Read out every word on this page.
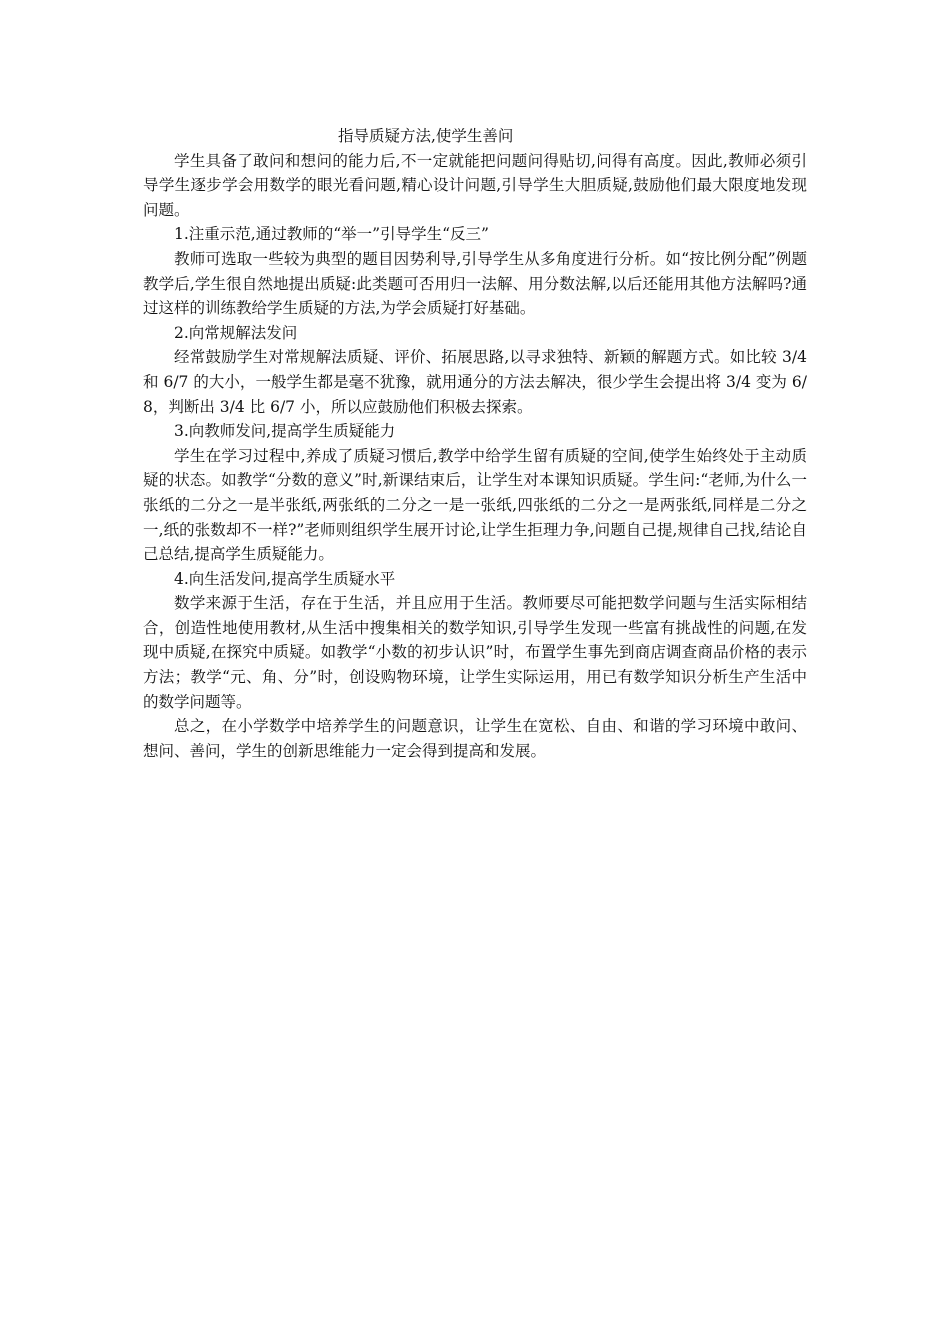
指导质疑方法,使学生善问

学生具备了敢问和想问的能力后,不一定就能把问题问得贴切,问得有高度。因此,教师必须引导学生逐步学会用数学的眼光看问题,精心设计问题,引导学生大胆质疑,鼓励他们最大限度地发现问题。

1.注重示范,通过教师的“举一”引导学生“反三”

教师可选取一些较为典型的题目因势利导,引导学生从多角度进行分析。如“按比例分配”例题教学后,学生很自然地提出质疑:此类题可否用归一法解、用分数法解,以后还能用其他方法解吗?通过这样的训练教给学生质疑的方法,为学会质疑打好基础。

2.向常规解法发问

经常鼓励学生对常规解法质疑、评价、拓展思路,以寻求独特、新颖的解题方式。如比较 3/4 和 6/7 的大小，一般学生都是毫不犹豫，就用通分的方法去解决，很少学生会提出将 3/4 变为 6/8，判断出 3/4 比 6/7 小，所以应鼓励他们积极去探索。

3.向教师发问,提高学生质疑能力

学生在学习过程中,养成了质疑习惯后,教学中给学生留有质疑的空间,使学生始终处于主动质疑的状态。如教学“分数的意义”时,新课结束后，让学生对本课知识质疑。学生问:“老师,为什么一张纸的二分之一是半张纸,两张纸的二分之一是一张纸,四张纸的二分之一是两张纸,同样是二分之一,纸的张数却不一样?”老师则组织学生展开讨论,让学生拒理力争,问题自己提,规律自己找,结论自己总结,提高学生质疑能力。

4.向生活发问,提高学生质疑水平

数学来源于生活，存在于生活，并且应用于生活。教师要尽可能把数学问题与生活实际相结合，创造性地使用教材,从生活中搜集相关的数学知识,引导学生发现一些富有挑战性的问题,在发现中质疑,在探究中质疑。如教学“小数的初步认识”时，布置学生事先到商店调查商品价格的表示方法；教学“元、角、分”时，创设购物环境，让学生实际运用，用已有数学知识分析生产生活中的数学问题等。

总之，在小学数学中培养学生的问题意识，让学生在宽松、自由、和谐的学习环境中敢问、想问、善问，学生的创新思维能力一定会得到提高和发展。
